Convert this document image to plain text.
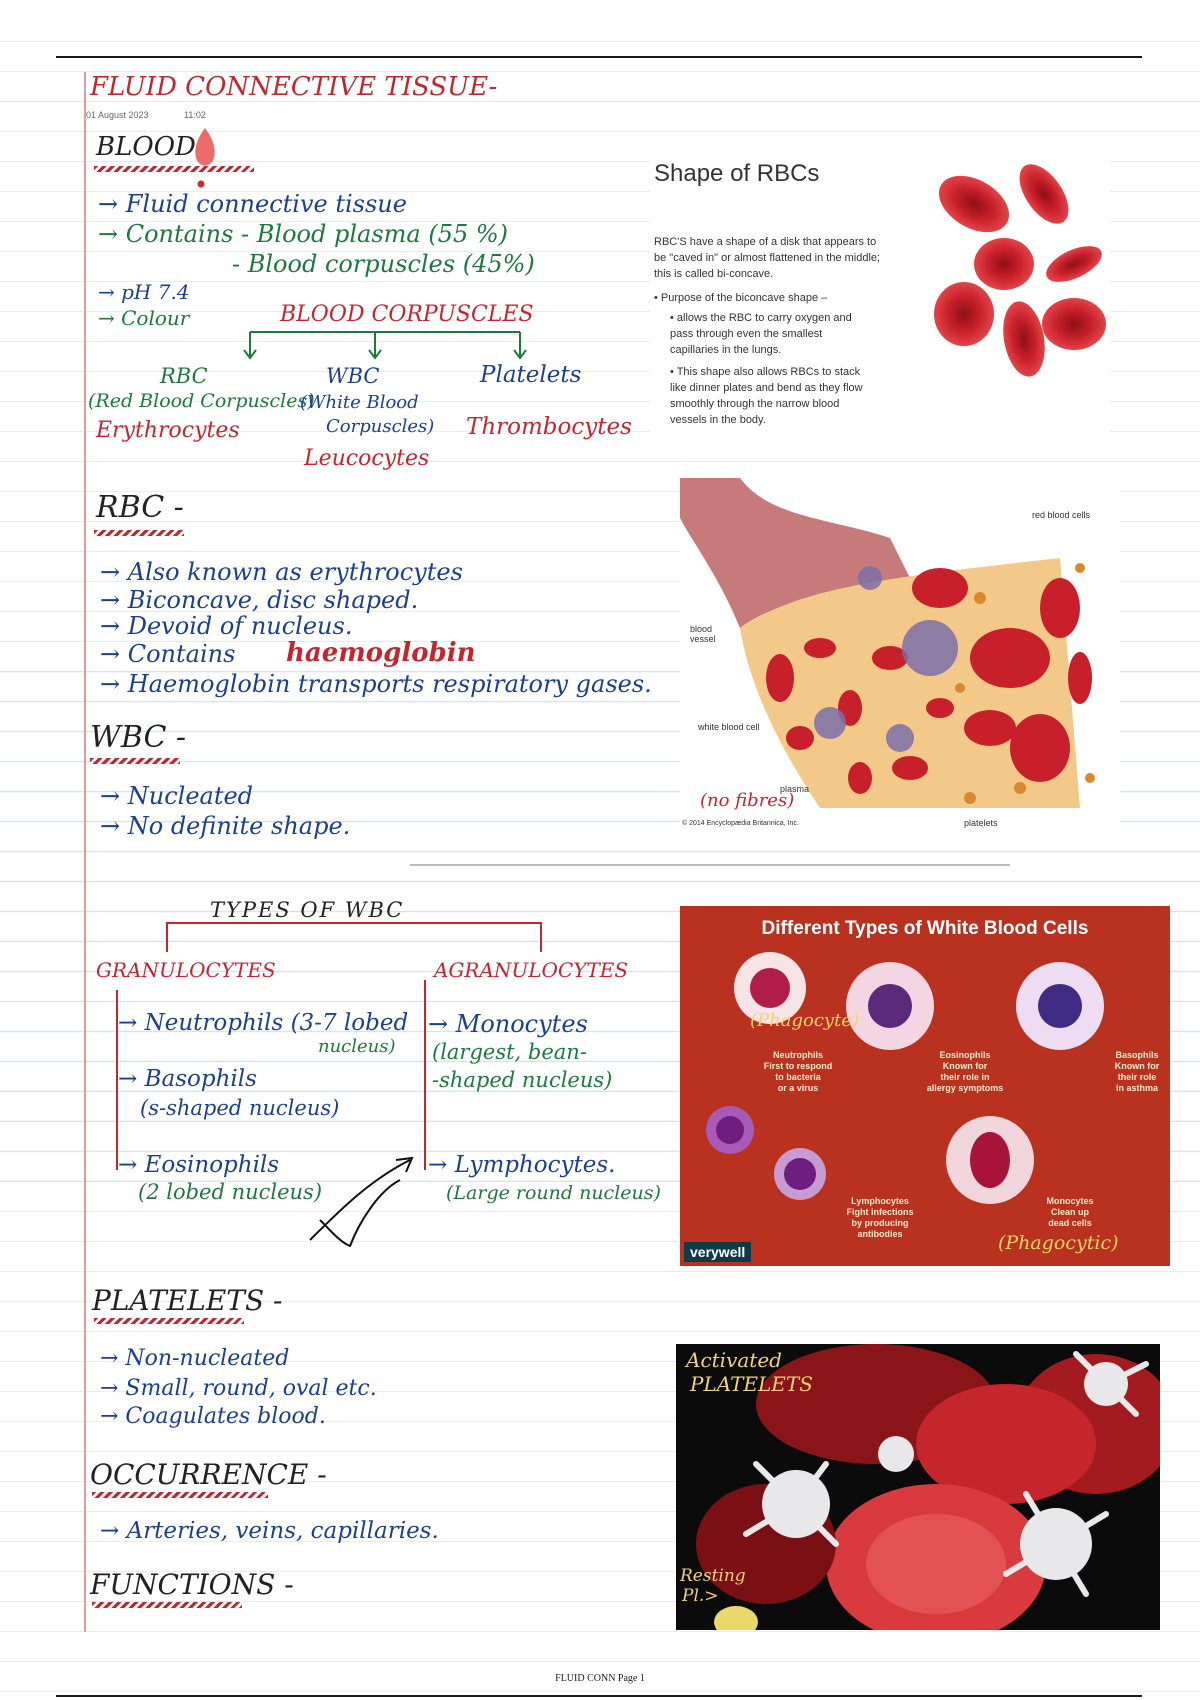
FLUID CONNECTIVE TISSUE-
01 August 2023	11:02
BLOOD
→ Fluid connective tissue
→ Contains - Blood plasma (55 %)
- Blood corpuscles (45%)
→ pH 7.4
→ Colour	BLOOD CORPUSCLES
RBC
(Red Blood Corpuscles)
Erythrocytes
WBC
(White Blood
Corpuscles)
Leucocytes
Platelets
Thrombocytes
RBC -
→ Also known as erythrocytes
→ Biconcave, disc shaped.
→ Devoid of nucleus.
→ Contains haemoglobin
→ Haemoglobin transports respiratory gases.
WBC -
→ Nucleated
→ No definite shape.
Shape of RBCs
RBC'S have a shape of a disk that appears to be "caved in" or almost flattened in the middle; this is called bi-concave.
• Purpose of the biconcave shape –
• allows the RBC to carry oxygen and pass through even the smallest capillaries in the lungs.
• This shape also allows RBCs to stack like dinner plates and bend as they flow smoothly through the narrow blood vessels in the body.
red blood cells
blood vessel
white blood cell
plasma
platelets
(no fibres)
© 2014 Encyclopædia Britannica, Inc.
TYPES OF WBC
GRANULOCYTES	AGRANULOCYTES
→ Neutrophils (3-7 lobed
nucleus)
→ Basophils
(s-shaped nucleus)
→ Eosinophils
(2 lobed nucleus)
→ Monocytes
(largest, bean-
-shaped nucleus)
→ Lymphocytes.
(Large round nucleus)
Different Types of White Blood Cells
Neutrophils
First to respond
to bacteria
or a virus
Eosinophils
Known for
their role in
allergy symptoms
Basophils
Known for
their role
in asthma
Lymphocytes
Fight infections
by producing
antibodies
Monocytes
Clean up
dead cells
(Phagocyte)
(Phagocytic)
verywell
PLATELETS -
→ Non-nucleated
→ Small, round, oval etc.
→ Coagulates blood.
OCCURRENCE -
→ Arteries, veins, capillaries.
FUNCTIONS -
Activated
PLATELETS
Resting
Pl.>
FLUID CONN Page 1
